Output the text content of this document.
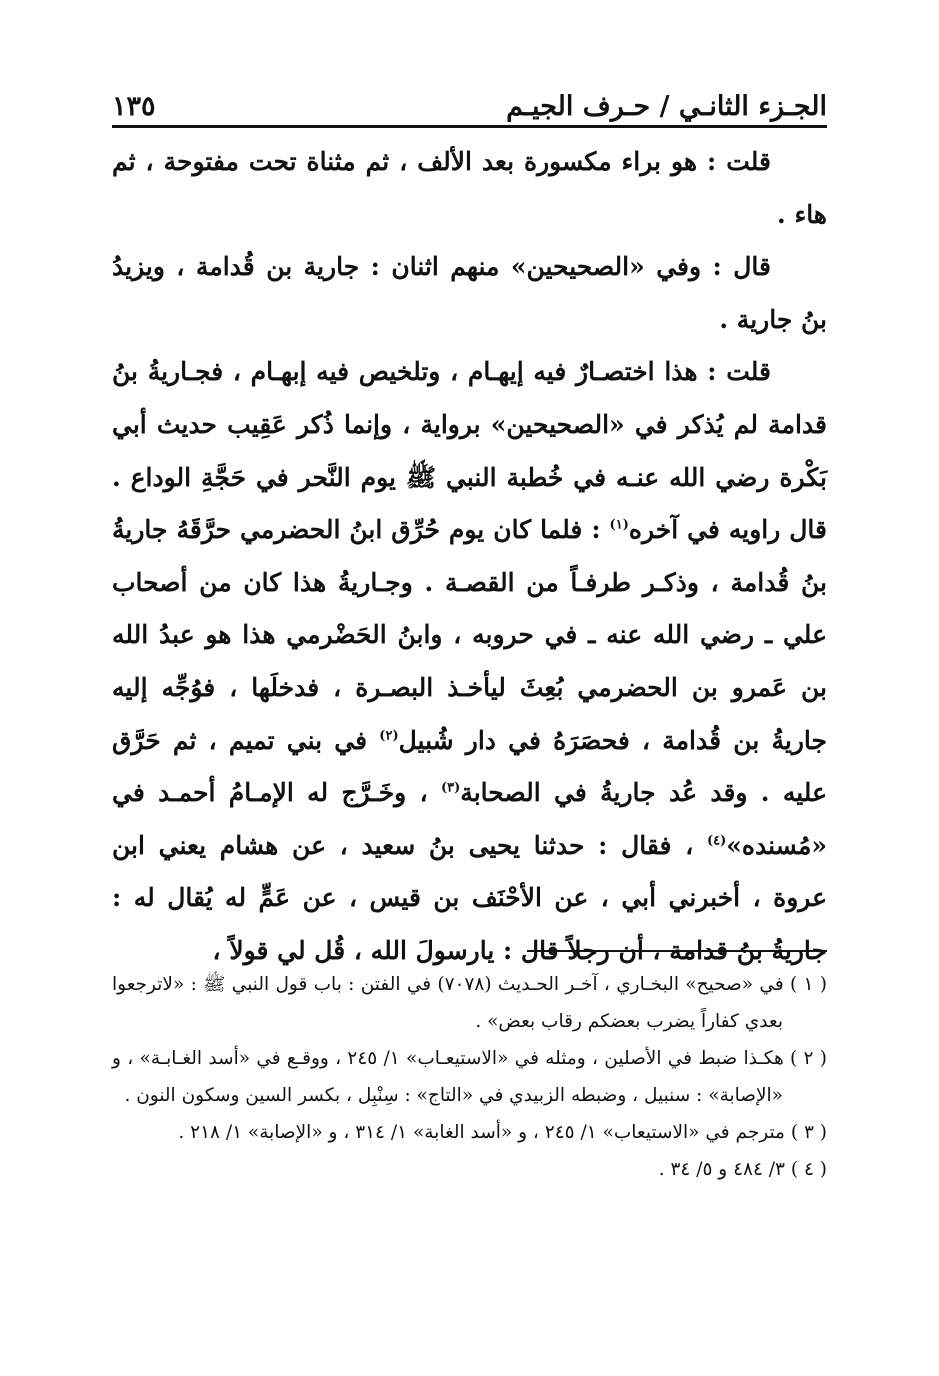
الجـزء الثانـي / حـرف الجيـم
١٣٥

قلت : هو براء مكسورة بعد الألف ، ثم مثناة تحت مفتوحة ، ثم هاء .

قال : وفي «الصحيحين» منهم اثنان : جارية بن قُدامة ، ويزيدُ بنُ جارية .

قلت : هذا اختصـارٌ فيه إيهـام ، وتلخيص فيه إبهـام ، فجـاريةُ بنُ قدامة لم يُذكر في «الصحيحين» برواية ، وإنما ذُكر عَقِيب حديث أبي بَكْرة رضي الله عنـه في خُطبة النبي ﷺ يوم النَّحر في حَجَّةِ الوداع . قال راويه في آخره$^{(١)}$ : فلما كان يوم حُرِّق ابنُ الحضرمي حرَّقَهُ جاريةُ بنُ قُدامة ، وذكـر طرفـاً من القصـة . وجـاريةُ هذا كان من أصحاب علي ـ رضي الله عنه ـ في حروبه ، وابنُ الحَضْرمي هذا هو عبدُ الله بن عَمرو بن الحضرمي بُعِثَ ليأخـذ البصـرة ، فدخلَها ، فوُجِّه إليه جاريةُ بن قُدامة ، فحصَرَهُ في دار شُبيل$^{(٢)}$ في بني تميم ، ثم حَرَّق عليه . وقد عُد جاريةُ في الصحابة$^{(٣)}$ ، وخَـرَّج له الإمـامُ أحمـد في «مُسنده»$^{(٤)}$ ، فقال : حدثنا يحيى بنُ سعيد ، عن هشام يعني ابن عروة ، أخبرني أبي ، عن الأحْنَف بن قيس ، عن عَمٍّ له يُقال له : جاريةُ بنُ قدامة ، أن رجلاً قال : يارسولَ الله ، قُل لي قولاً ،

( ١ ) في «صحيح» البخـاري ، آخـر الحـديث (٧٠٧٨) في الفتن : باب قول النبي ﷺ : «لاترجعوا بعدي كفاراً يضرب بعضكم رقاب بعض» .

( ٢ ) هكـذا ضبط في الأصلين ، ومثله في «الاستيعـاب» ١/ ٢٤٥ ، ووقـع في «أسد الغـابـة» ، و «الإصابة» : سنبيل ، وضبطه الزبيدي في «التاج» : سِنْبِل ، بكسر السين وسكون النون .

( ٣ ) مترجم في «الاستيعاب» ١/ ٢٤٥ ، و «أسد الغابة» ١/ ٣١٤ ، و «الإصابة» ١/ ٢١٨ .

( ٤ ) ٣/ ٤٨٤ و ٥/ ٣٤ .
